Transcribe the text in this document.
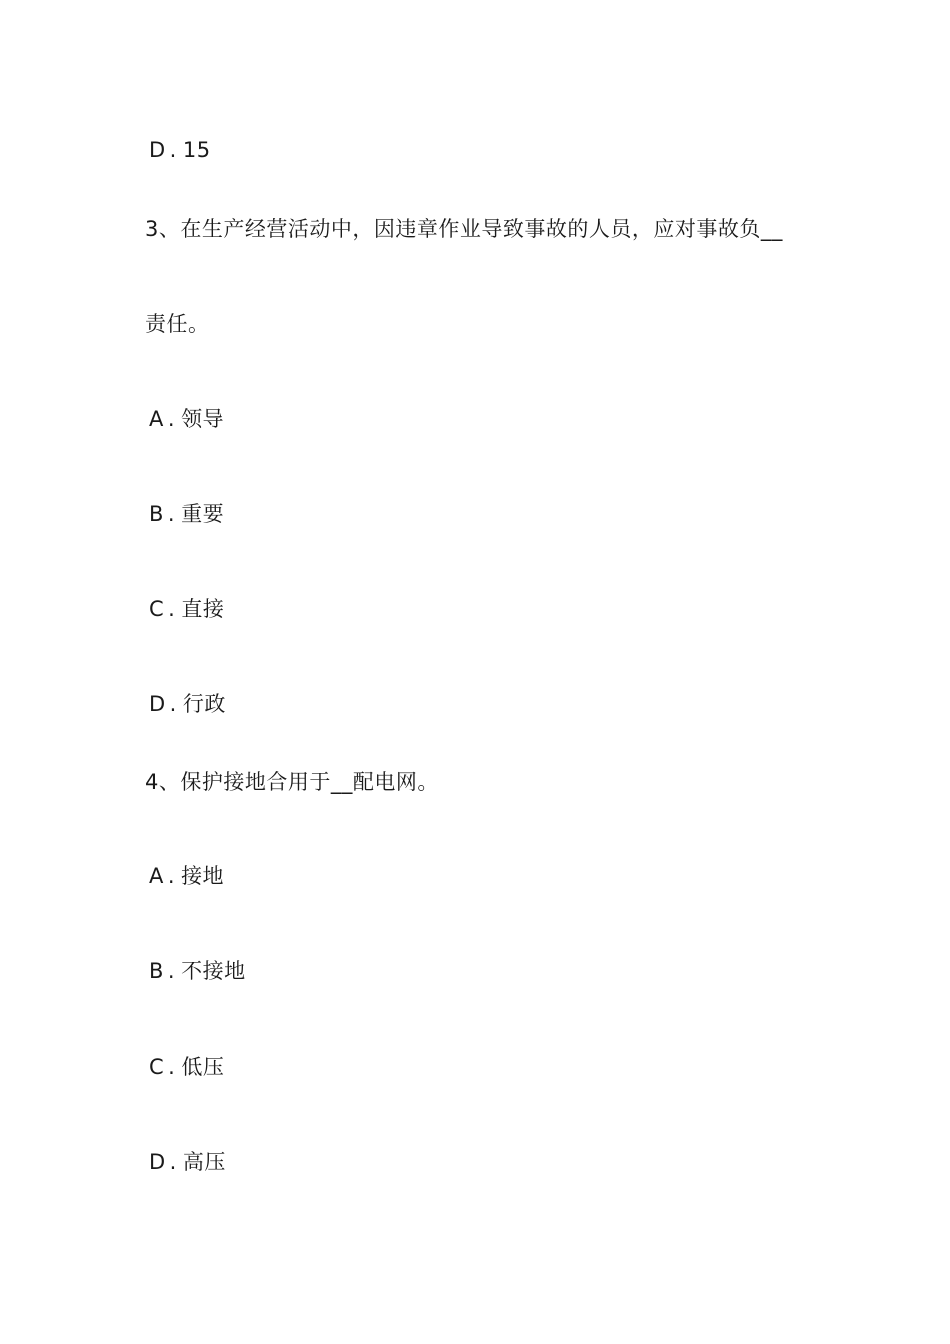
D . 15
3、在生产经营活动中，因违章作业导致事故的人员，应对事故负__
责任。
A . 领导
B . 重要
C . 直接
D . 行政
4、保护接地合用于__配电网。
A . 接地
B . 不接地
C . 低压
D . 高压
